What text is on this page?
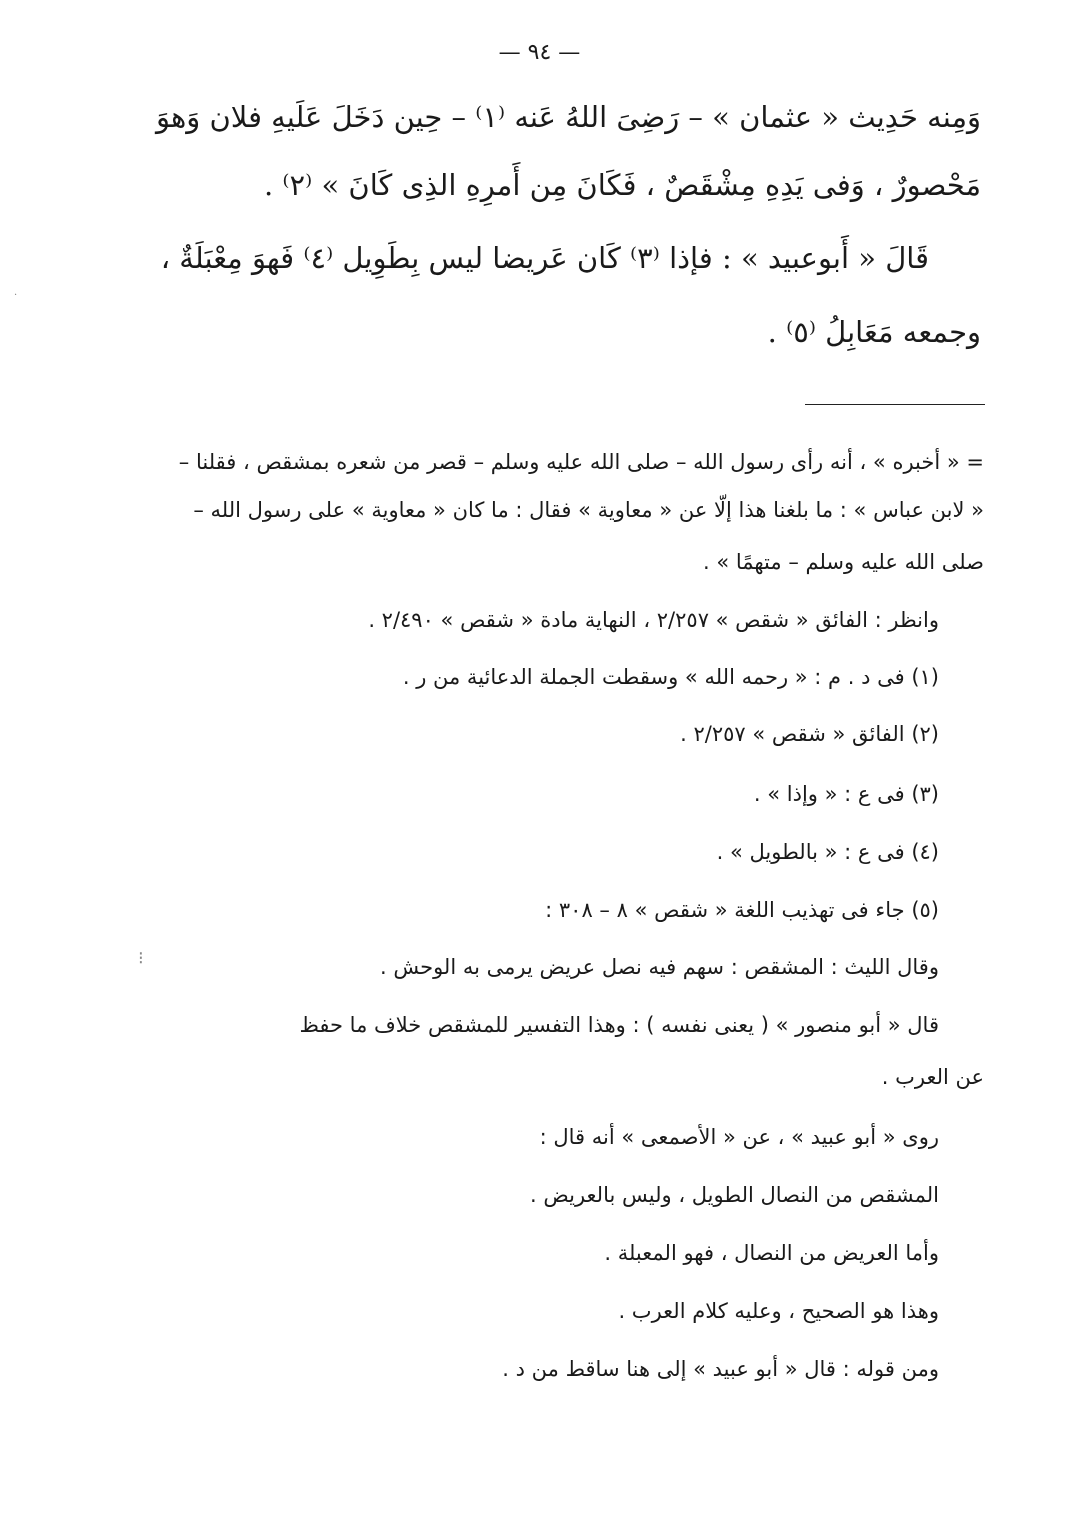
— ٩٤ —
وَمِنه حَدِيث « عثمان » – رَضِىَ اللهُ عَنه ⁽١⁾ – حِين دَخَلَ عَلَيهِ فلان وَهوَ
مَحْصورٌ ، وَفى يَدِهِ مِشْقَصٌ ، فَكَانَ مِن أَمرِهِ الذِى كَانَ » ⁽٢⁾ .
قَالَ « أَبوعبيد » : فإذا ⁽٣⁾ كَان عَريضا ليس بِطَوِيل ⁽٤⁾ فَهوَ مِعْبَلَةٌ ،
وجمعه مَعَابِلُ ⁽٥⁾ .
= « أخبره » ، أنه رأى رسول الله – صلى الله عليه وسلم – قصر من شعره بمشقص ، فقلنا –
« لابن عباس » : ما بلغنا هذا إلّا عن « معاوية » فقال : ما كان « معاوية » على رسول الله –
صلى الله عليه وسلم – متهمًا » .
وانظر : الفائق « شقص » ٢/٢٥٧ ، النهاية مادة « شقص » ٢/٤٩٠ .
(١) فى د . م : « رحمه الله » وسقطت الجملة الدعائية من ر .
(٢) الفائق « شقص » ٢/٢٥٧ .
(٣) فى ع : « وإذا » .
(٤) فى ع : « بالطويل » .
(٥) جاء فى تهذيب اللغة « شقص » ٨ – ٣٠٨ :
وقال الليث : المشقص : سهم فيه نصل عريض يرمى به الوحش .
قال « أبو منصور » ( يعنى نفسه ) : وهذا التفسير للمشقص خلاف ما حفظ
عن العرب .
روى « أبو عبيد » ، عن « الأصمعى » أنه قال :
المشقص من النصال الطويل ، وليس بالعريض .
وأما العريض من النصال ، فهو المعبلة .
وهذا هو الصحيح ، وعليه كلام العرب .
ومن قوله : قال « أبو عبيد » إلى هنا ساقط من د .
⁝
·
